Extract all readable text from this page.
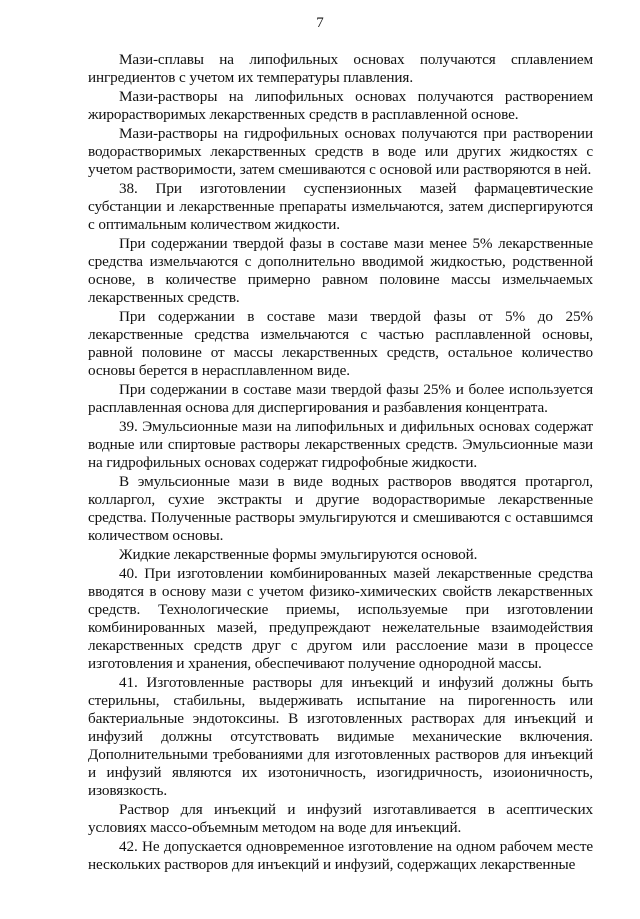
7

Мази-сплавы на липофильных основах получаются сплавлением ингредиентов с учетом их температуры плавления.

Мази-растворы на липофильных основах получаются растворением жирорастворимых лекарственных средств в расплавленной основе.

Мази-растворы на гидрофильных основах получаются при растворении водорастворимых лекарственных средств в воде или других жидкостях с учетом растворимости, затем смешиваются с основой или растворяются в ней.

38. При изготовлении суспензионных мазей фармацевтические субстанции и лекарственные препараты измельчаются, затем диспергируются с оптимальным количеством жидкости.

При содержании твердой фазы в составе мази менее 5% лекарственные средства измельчаются с дополнительно вводимой жидкостью, родственной основе, в количестве примерно равном половине массы измельчаемых лекарственных средств.

При содержании в составе мази твердой фазы от 5% до 25% лекарственные средства измельчаются с частью расплавленной основы, равной половине от массы лекарственных средств, остальное количество основы берется в нерасплавленном виде.

При содержании в составе мази твердой фазы 25% и более используется расплавленная основа для диспергирования и разбавления концентрата.

39. Эмульсионные мази на липофильных и дифильных основах содержат водные или спиртовые растворы лекарственных средств. Эмульсионные мази на гидрофильных основах содержат гидрофобные жидкости.

В эмульсионные мази в виде водных растворов вводятся протаргол, колларгол, сухие экстракты и другие водорастворимые лекарственные средства. Полученные растворы эмульгируются и смешиваются с оставшимся количеством основы.

Жидкие лекарственные формы эмульгируются основой.

40. При изготовлении комбинированных мазей лекарственные средства вводятся в основу мази с учетом физико-химических свойств лекарственных средств. Технологические приемы, используемые при изготовлении комбинированных мазей, предупреждают нежелательные взаимодействия лекарственных средств друг с другом или расслоение мази в процессе изготовления и хранения, обеспечивают получение однородной массы.

41. Изготовленные растворы для инъекций и инфузий должны быть стерильны, стабильны, выдерживать испытание на пирогенность или бактериальные эндотоксины. В изготовленных растворах для инъекций и инфузий должны отсутствовать видимые механические включения. Дополнительными требованиями для изготовленных растворов для инъекций и инфузий являются их изотоничность, изогидричность, изоионичность, изовязкость.

Раствор для инъекций и инфузий изготавливается в асептических условиях массо-объемным методом на воде для инъекций.

42. Не допускается одновременное изготовление на одном рабочем месте нескольких растворов для инъекций и инфузий, содержащих лекарственные
